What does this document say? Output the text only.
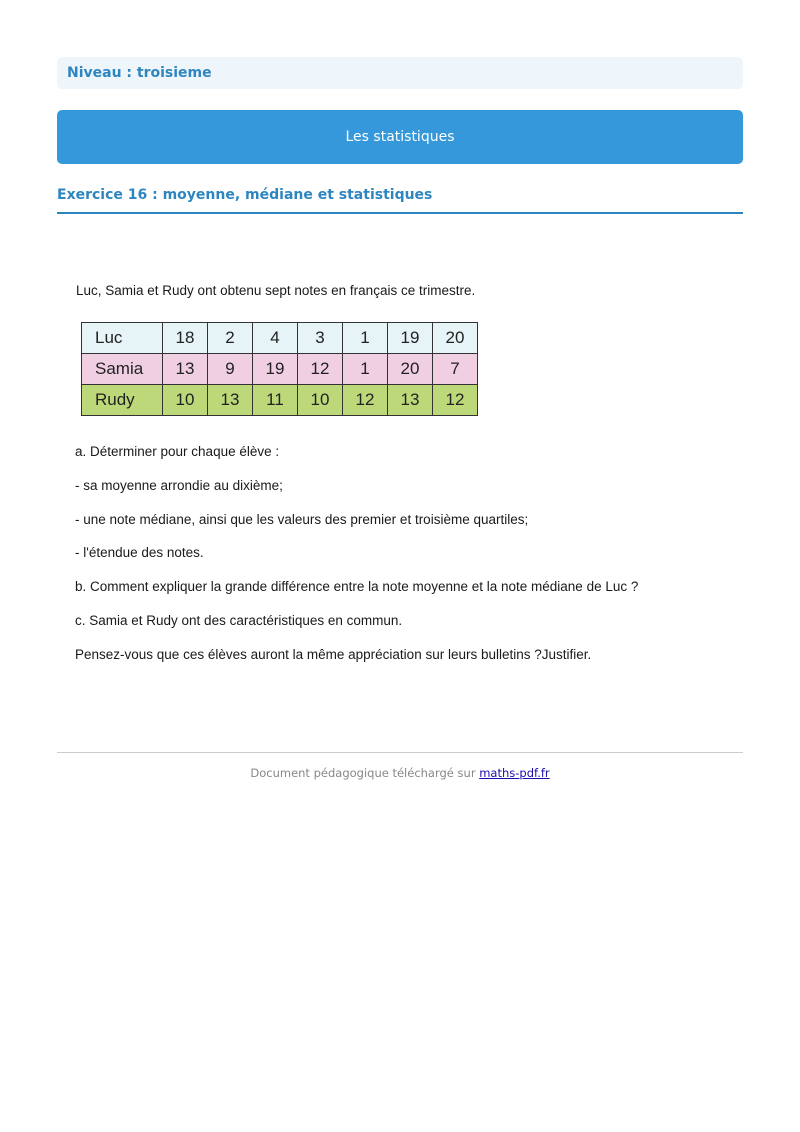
Niveau : troisieme
Les statistiques
Exercice 16 : moyenne, médiane et statistiques

Luc, Samia et Rudy ont obtenu sept notes en français ce trimestre.

Luc	18	2	4	3	1	19	20
Samia	13	9	19	12	1	20	7
Rudy	10	13	11	10	12	13	12

a. Déterminer pour chaque élève :

- sa moyenne arrondie au dixième;

- une note médiane, ainsi que les valeurs des premier et troisième quartiles;

- l'étendue des notes.

b. Comment expliquer la grande différence entre la note moyenne et la note médiane de Luc ?

c. Samia et Rudy ont des caractéristiques en commun.

Pensez-vous que ces élèves auront la même appréciation sur leurs bulletins ?Justifier.

Document pédagogique téléchargé sur maths-pdf.fr
